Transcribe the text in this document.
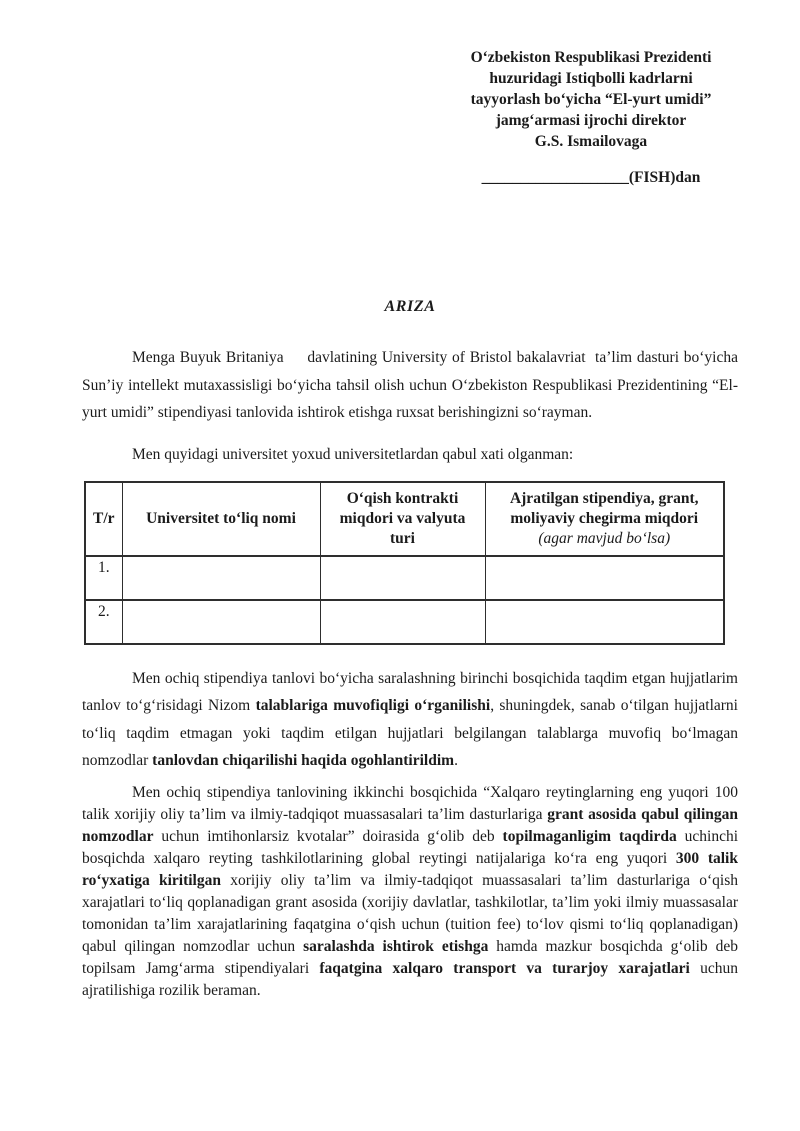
O‘zbekiston Respublikasi Prezidenti
huzuridagi Istiqbolli kadrlarni
tayyorlash bo‘yicha “El-yurt umidi”
jamg‘armasi ijrochi direktor
G.S. Ismailovaga
___________________(FISH)dan
ARIZA

Menga Buyuk Britaniya     davlatining University of Bristol bakalavriat  ta’lim dasturi bo‘yicha Sun’iy intellekt mutaxassisligi bo‘yicha tahsil olish uchun O‘zbekiston Respublikasi Prezidentining “El-yurt umidi” stipendiyasi tanlovida ishtirok etishga ruxsat berishingizni so‘rayman.

Men quyidagi universitet yoxud universitetlardan qabul xati olganman:

T/r	Universitet to‘liq nomi	O‘qish kontrakti miqdori va valyuta turi	Ajratilgan stipendiya, grant, moliyaviy chegirma miqdori
(agar mavjud bo‘lsa)

1.			
2.			

Men ochiq stipendiya tanlovi bo‘yicha saralashning birinchi bosqichida taqdim etgan hujjatlarim tanlov to‘g‘risidagi Nizom talablariga muvofiqligi o‘rganilishi, shuningdek, sanab o‘tilgan hujjatlarni to‘liq taqdim etmagan yoki taqdim etilgan hujjatlari belgilangan talablarga muvofiq bo‘lmagan nomzodlar tanlovdan chiqarilishi haqida ogohlantirildim.

Men ochiq stipendiya tanlovining ikkinchi bosqichida “Xalqaro reytinglarning eng yuqori 100 talik xorijiy oliy ta’lim va ilmiy-tadqiqot muassasalari ta’lim dasturlariga grant asosida qabul qilingan nomzodlar uchun imtihonlarsiz kvotalar” doirasida g‘olib deb topilmaganligim taqdirda uchinchi bosqichda xalqaro reyting tashkilotlarining global reytingi natijalariga ko‘ra eng yuqori 300 talik ro‘yxatiga kiritilgan xorijiy oliy ta’lim va ilmiy-tadqiqot muassasalari ta’lim dasturlariga o‘qish xarajatlari to‘liq qoplanadigan grant asosida (xorijiy davlatlar, tashkilotlar, ta’lim yoki ilmiy muassasalar tomonidan ta’lim xarajatlarining faqatgina o‘qish uchun (tuition fee) to‘lov qismi to‘liq qoplanadigan) qabul qilingan nomzodlar uchun saralashda ishtirok etishga hamda mazkur bosqichda g‘olib deb topilsam Jamg‘arma stipendiyalari faqatgina xalqaro transport va turarjoy xarajatlari uchun ajratilishiga rozilik beraman.
